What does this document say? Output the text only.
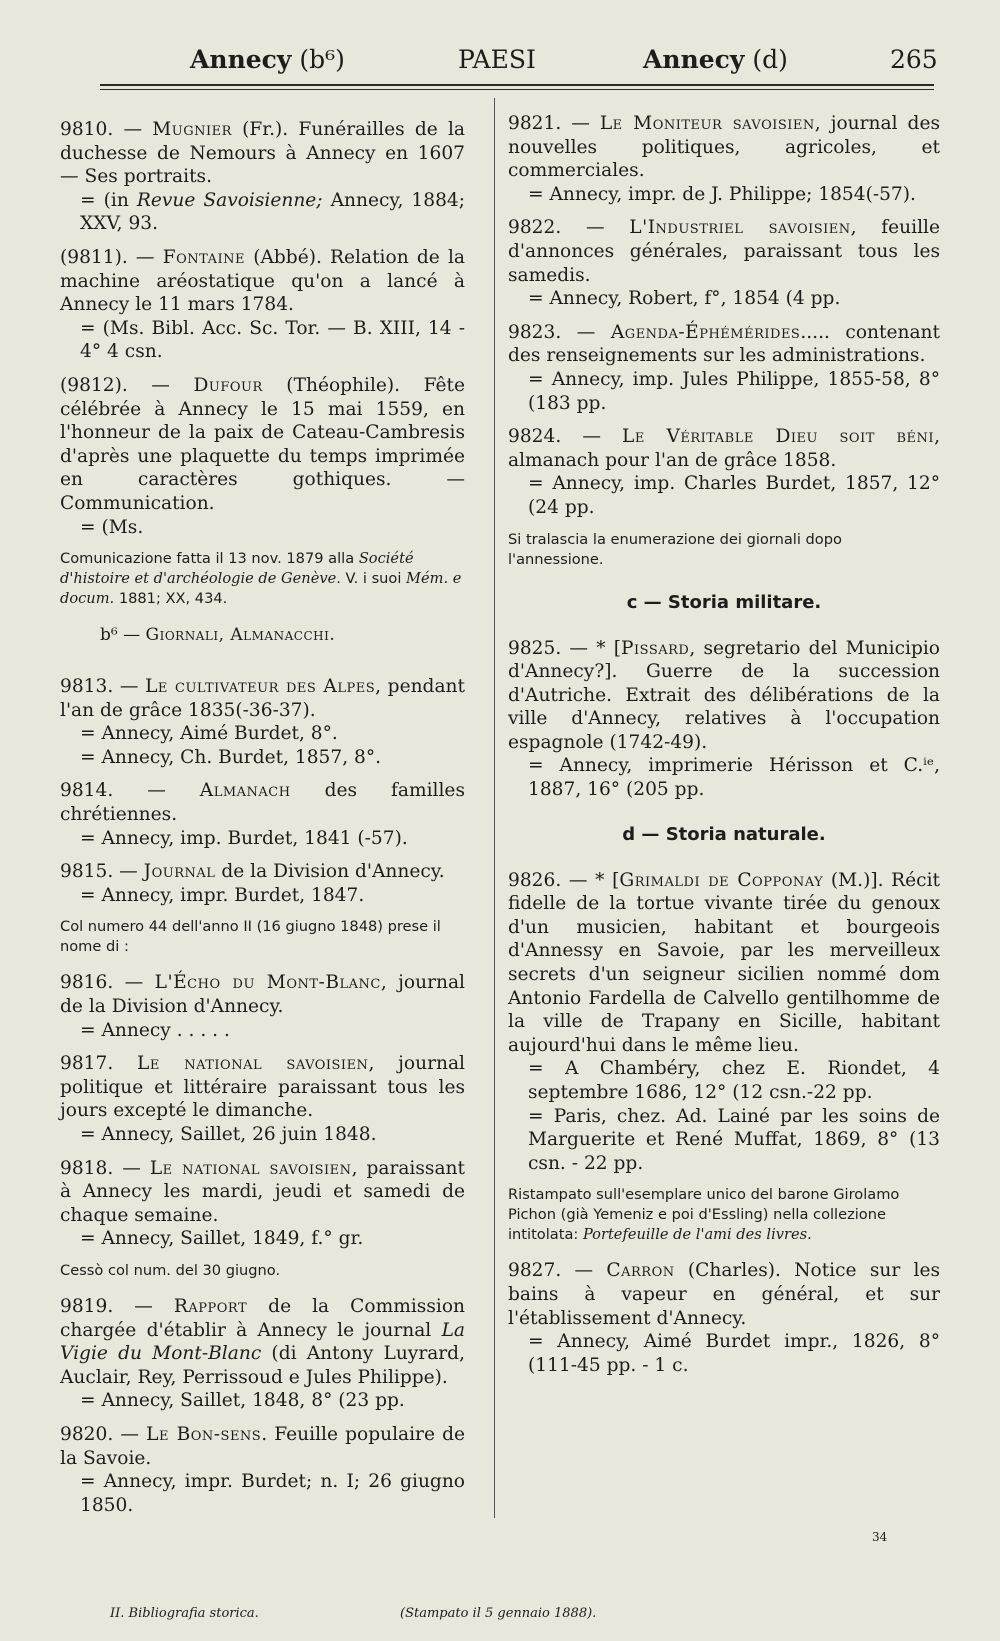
Annecy (b⁶)	PAESI	Annecy (d)	265

9810. — Mugnier (Fr.). Funérailles de la duchesse de Nemours à Annecy en 1607 — Ses portraits.
= (in Revue Savoisienne; Annecy, 1884; XXV, 93.

(9811). — Fontaine (Abbé). Relation de la machine aréostatique qu'on a lancé à Annecy le 11 mars 1784.
= (Ms. Bibl. Acc. Sc. Tor. — B. XIII, 14 - 4° 4 csn.

(9812). — Dufour (Théophile). Fête célébrée à Annecy le 15 mai 1559, en l'honneur de la paix de Cateau-Cambresis d'après une plaquette du temps imprimée en caractères gothiques. — Communication.
= (Ms.

Comunicazione fatta il 13 nov. 1879 alla Société d'histoire et d'archéologie de Genève. V. i suoi Mém. e docum. 1881; XX, 434.

b⁶ — Giornali, Almanacchi.

9813. — Le cultivateur des Alpes, pendant l'an de grâce 1835(-36-37).
= Annecy, Aimé Burdet, 8°.
= Annecy, Ch. Burdet, 1857, 8°.

9814. — Almanach des familles chrétiennes.
= Annecy, imp. Burdet, 1841 (-57).

9815. — Journal de la Division d'Annecy.
= Annecy, impr. Burdet, 1847.

Col numero 44 dell'anno II (16 giugno 1848) prese il nome di :

9816. — L'Écho du Mont-Blanc, journal de la Division d'Annecy.
= Annecy . . . . .

9817. Le national savoisien, journal politique et littéraire paraissant tous les jours excepté le dimanche.
= Annecy, Saillet, 26 juin 1848.

9818. — Le national savoisien, paraissant à Annecy les mardi, jeudi et samedi de chaque semaine.
= Annecy, Saillet, 1849, f.° gr.

Cessò col num. del 30 giugno.

9819. — Rapport de la Commission chargée d'établir à Annecy le journal La Vigie du Mont-Blanc (di Antony Luyrard, Auclair, Rey, Perrissoud e Jules Philippe).
= Annecy, Saillet, 1848, 8° (23 pp.

9820. — Le Bon-sens. Feuille populaire de la Savoie.
= Annecy, impr. Burdet; n. I; 26 giugno 1850.

9821. — Le Moniteur savoisien, journal des nouvelles politiques, agricoles, et commerciales.
= Annecy, impr. de J. Philippe; 1854(-57).

9822. — L'Industriel savoisien, feuille d'annonces générales, paraissant tous les samedis.
= Annecy, Robert, f°, 1854 (4 pp.

9823. — Agenda-Éphémérides..... contenant des renseignements sur les administrations.
= Annecy, imp. Jules Philippe, 1855-58, 8° (183 pp.

9824. — Le Véritable Dieu soit béni, almanach pour l'an de grâce 1858.
= Annecy, imp. Charles Burdet, 1857, 12° (24 pp.

Si tralascia la enumerazione dei giornali dopo l'annessione.

c — Storia militare.

9825. — * [Pissard, segretario del Municipio d'Annecy?]. Guerre de la succession d'Autriche. Extrait des délibérations de la ville d'Annecy, relatives à l'occupation espagnole (1742-49).
= Annecy, imprimerie Hérisson et C.ⁱᵉ, 1887, 16° (205 pp.

d — Storia naturale.

9826. — * [Grimaldi de Copponay (M.)]. Récit fidelle de la tortue vivante tirée du genoux d'un musicien, habitant et bourgeois d'Annessy en Savoie, par les merveilleux secrets d'un seigneur sicilien nommé dom Antonio Fardella de Calvello gentilhomme de la ville de Trapany en Sicille, habitant aujourd'hui dans le même lieu.
= A Chambéry, chez E. Riondet, 4 septembre 1686, 12° (12 csn.-22 pp.
= Paris, chez. Ad. Lainé par les soins de Marguerite et René Muffat, 1869, 8° (13 csn. - 22 pp.

Ristampato sull'esemplare unico del barone Girolamo Pichon (già Yemeniz e poi d'Essling) nella collezione intitolata: Portefeuille de l'ami des livres.

9827. — Carron (Charles). Notice sur les bains à vapeur en général, et sur l'établissement d'Annecy.
= Annecy, Aimé Burdet impr., 1826, 8° (111-45 pp. - 1 c.

34
II. Bibliografia storica.	(Stampato il 5 gennaio 1888).
